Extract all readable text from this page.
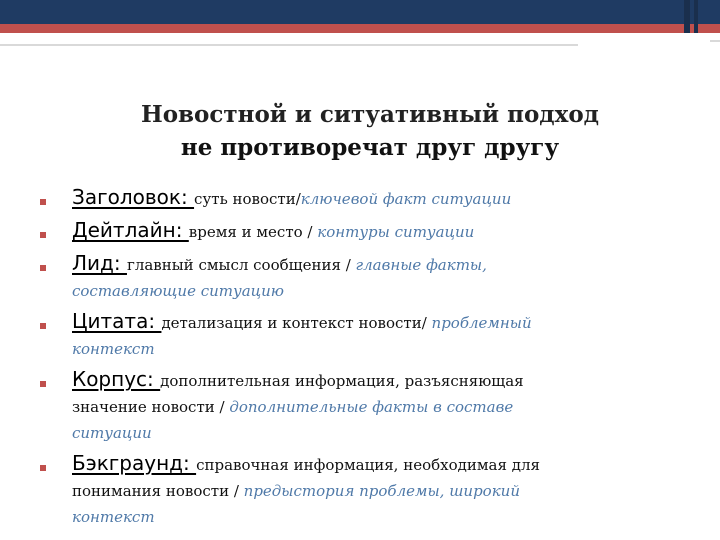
Новостной и ситуативный подход
не противоречат друг другу
Заголовок: суть новости/ключевой факт ситуации
Дейтлайн: время и место / контуры ситуации
Лид: главный смысл сообщения / главные факты,
составляющие ситуацию
Цитата: детализация и контекст новости/ проблемный
контекст
Корпус: дополнительная информация, разъясняющая
значение новости / дополнительные факты в составе
ситуации
Бэкграунд: справочная информация, необходимая для
понимания новости / предыстория проблемы, широкий
контекст
